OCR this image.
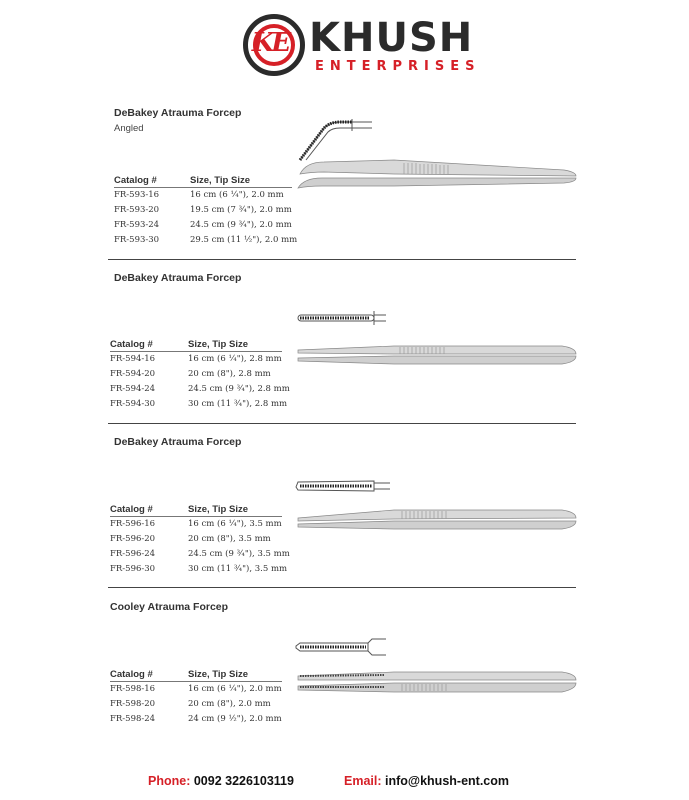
KE KHUSH
ENTERPRISES
DeBakey Atrauma Forcep
Angled
Catalog #	Size, Tip Size
FR-593-16	16 cm (6 ¼"), 2.0 mm
FR-593-20	19.5 cm (7 ¾"), 2.0 mm
FR-593-24	24.5 cm (9 ¾"), 2.0 mm
FR-593-30	29.5 cm (11 ½"), 2.0 mm
DeBakey Atrauma Forcep
Catalog #	Size, Tip Size
FR-594-16	16 cm (6 ¼"), 2.8 mm
FR-594-20	20 cm (8"), 2.8 mm
FR-594-24	24.5 cm (9 ¾"), 2.8 mm
FR-594-30	30 cm (11 ¾"), 2.8 mm
DeBakey Atrauma Forcep
Catalog #	Size, Tip Size
FR-596-16	16 cm (6 ¼"), 3.5 mm
FR-596-20	20 cm (8"), 3.5 mm
FR-596-24	24.5 cm (9 ¾"), 3.5 mm
FR-596-30	30 cm (11 ¾"), 3.5 mm
Cooley Atrauma Forcep
Catalog #	Size, Tip Size
FR-598-16	16 cm (6 ¼"), 2.0 mm
FR-598-20	20 cm (8"), 2.0 mm
FR-598-24	24 cm (9 ½"), 2.0 mm
Phone: 0092 3226103119	Email: info@khush-ent.com
